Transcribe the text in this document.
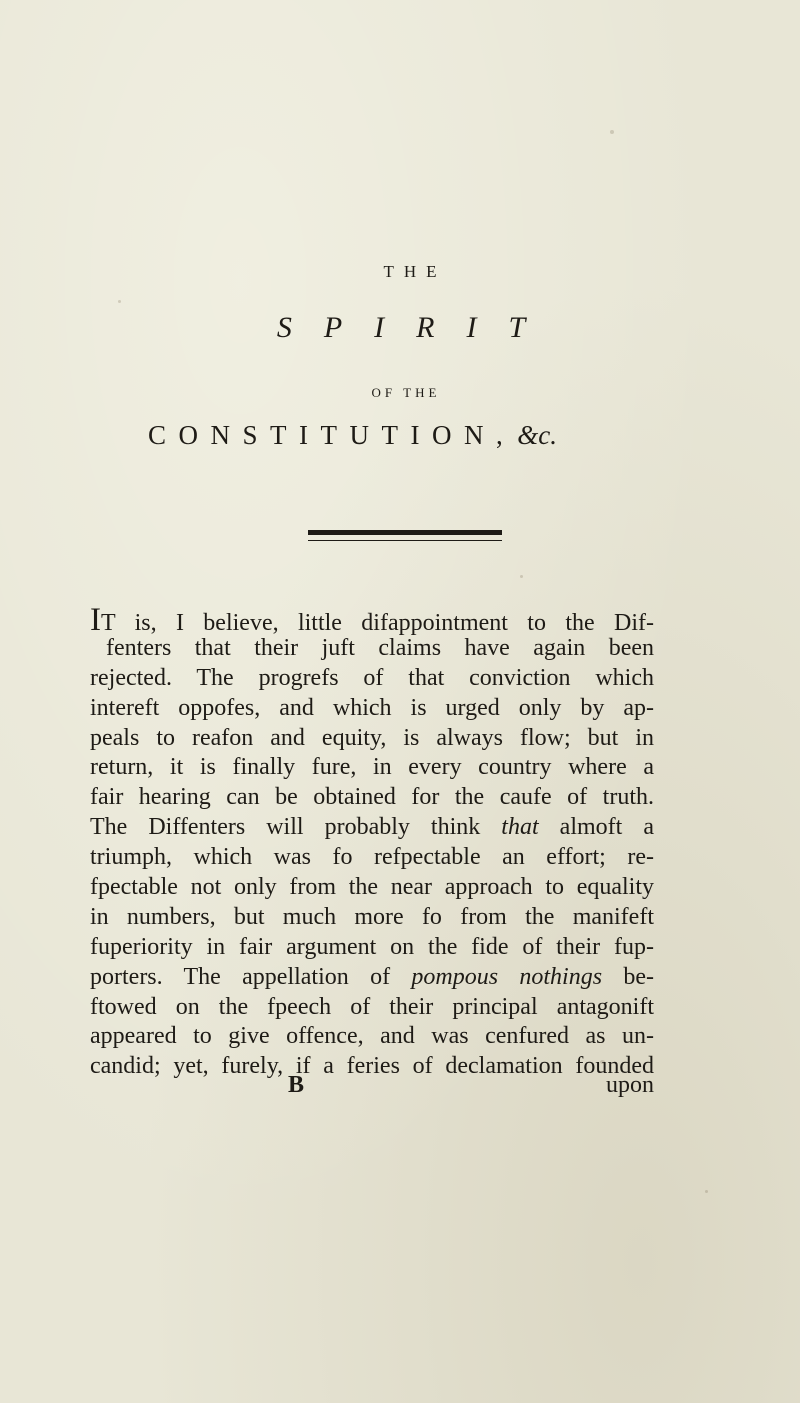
THE
SPIRIT
OF THE
CONSTITUTION,&c.
IT is, I believe, little difappointment to the Dif-
fenters that their juft claims have again been
rejected. The progrefs of that conviction which
intereft oppofes, and which is urged only by ap-
peals to reafon and equity, is always flow; but in
return, it is finally fure, in every country where a
fair hearing can be obtained for the caufe of truth.
The Diffenters will probably think that almoft a
triumph, which was fo refpectable an effort; re-
fpectable not only from the near approach to equality
in numbers, but much more fo from the manifeft
fuperiority in fair argument on the fide of their fup-
porters. The appellation of pompous nothings be-
ftowed on the fpeech of their principal antagonift
appeared to give offence, and was cenfured as un-
candid; yet, furely, if a feries of declamation founded
B	upon
